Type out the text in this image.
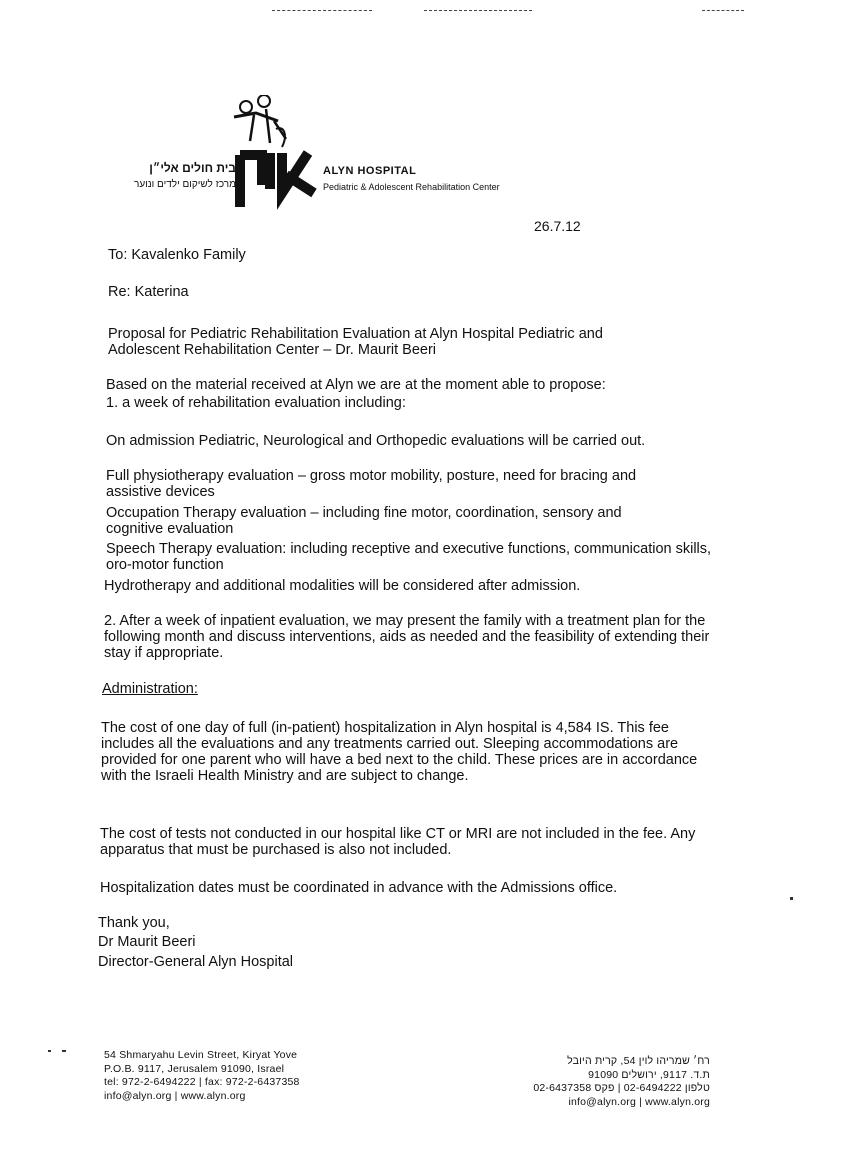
בית חולים אלי״ן
מרכז לשיקום ילדים ונוער
ALYN HOSPITAL
Pediatric & Adolescent Rehabilitation Center
26.7.12
To: Kavalenko Family
Re: Katerina
Proposal for Pediatric Rehabilitation Evaluation at Alyn Hospital Pediatric and Adolescent Rehabilitation Center – Dr. Maurit Beeri
Based on the material received at Alyn we are at the moment able to propose:
1. a week of rehabilitation evaluation including:
On admission Pediatric, Neurological and Orthopedic evaluations will be carried out.
Full physiotherapy evaluation – gross motor mobility, posture, need for bracing and assistive devices
Occupation Therapy evaluation – including fine motor, coordination, sensory and cognitive evaluation
Speech Therapy evaluation: including receptive and executive functions, communication skills, oro-motor function
Hydrotherapy and additional modalities will be considered after admission.
2. After a week of inpatient evaluation, we may present the family with a treatment plan for the following month and discuss interventions, aids as needed and the feasibility of extending their stay if appropriate.
Administration:
The cost of one day of full (in-patient) hospitalization in Alyn hospital is 4,584 IS. This fee includes all the evaluations and any treatments carried out. Sleeping accommodations are provided for one parent who will have a bed next to the child. These prices are in accordance with the Israeli Health Ministry and are subject to change.
The cost of tests not conducted in our hospital like CT or MRI are not included in the fee. Any apparatus that must be purchased is also not included.
Hospitalization dates must be coordinated in advance with the Admissions office.
Thank you,
Dr Maurit Beeri
Director-General Alyn Hospital
54 Shmaryahu Levin Street, Kiryat Yove
P.O.B. 9117, Jerusalem 91090, Israel
tel: 972-2-6494222 | fax: 972-2-6437358
info@alyn.org | www.alyn.org
רח׳ שמריהו לוין 54, קרית היובל
ת.ד. 9117, ירושלים 91090
טלפון 02-6494222 | פקס 02-6437358
info@alyn.org | www.alyn.org
